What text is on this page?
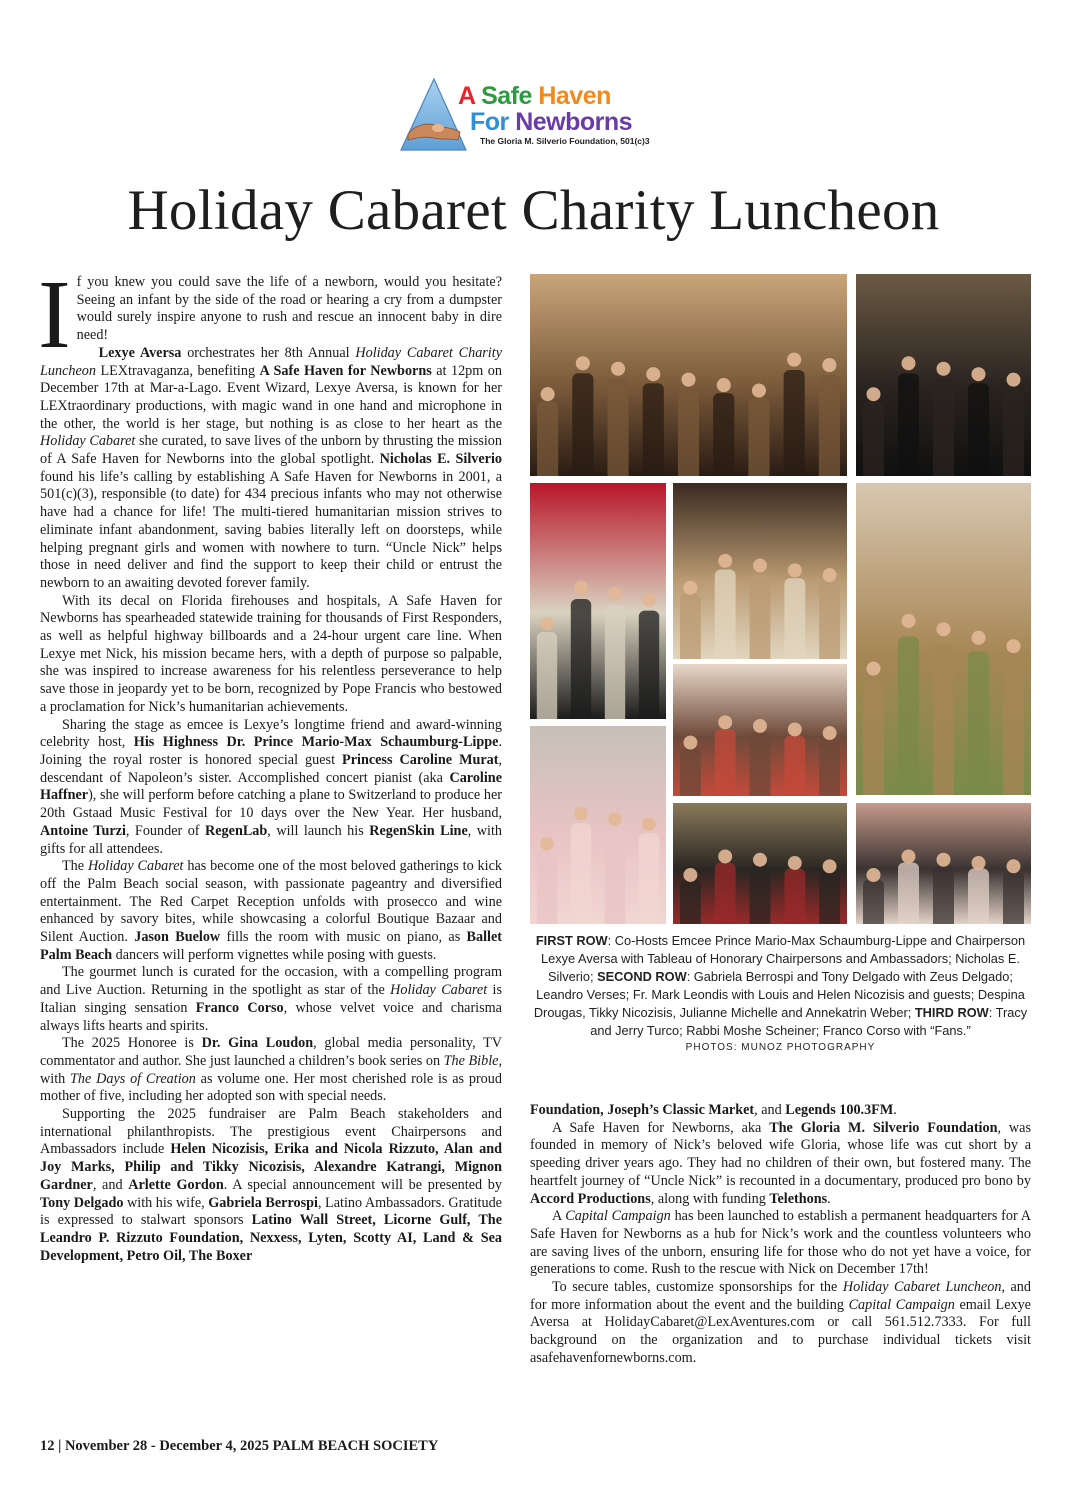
A Safe Haven
For Newborns
The Gloria M. Silverio Foundation, 501(c)3
Holiday Cabaret Charity Luncheon

If you knew you could save the life of a newborn, would you hesitate? Seeing an infant by the side of the road or hearing a cry from a dumpster would surely inspire anyone to rush and rescue an innocent baby in dire need!

Lexye Aversa orchestrates her 8th Annual Holiday Cabaret Charity Luncheon LEXtravaganza, benefiting A Safe Haven for Newborns at 12pm on December 17th at Mar-a-Lago. Event Wizard, Lexye Aversa, is known for her LEXtraordinary productions, with magic wand in one hand and microphone in the other, the world is her stage, but nothing is as close to her heart as the Holiday Cabaret she curated, to save lives of the unborn by thrusting the mission of A Safe Haven for Newborns into the global spotlight. Nicholas E. Silverio found his life’s calling by establishing A Safe Haven for Newborns in 2001, a 501(c)(3), responsible (to date) for 434 precious infants who may not otherwise have had a chance for life! The multi-tiered humanitarian mission strives to eliminate infant abandonment, saving babies literally left on doorsteps, while helping pregnant girls and women with nowhere to turn. “Uncle Nick” helps those in need deliver and find the support to keep their child or entrust the newborn to an awaiting devoted forever family.

With its decal on Florida firehouses and hospitals, A Safe Haven for Newborns has spearheaded statewide training for thousands of First Responders, as well as helpful highway billboards and a 24-hour urgent care line. When Lexye met Nick, his mission became hers, with a depth of purpose so palpable, she was inspired to increase awareness for his relentless perseverance to help save those in jeopardy yet to be born, recognized by Pope Francis who bestowed a proclamation for Nick’s humanitarian achievements.

Sharing the stage as emcee is Lexye’s longtime friend and award-winning celebrity host, His Highness Dr. Prince Mario-Max Schaumburg-Lippe. Joining the royal roster is honored special guest Princess Caroline Murat, descendant of Napoleon’s sister. Accomplished concert pianist (aka Caroline Haffner), she will perform before catching a plane to Switzerland to produce her 20th Gstaad Music Festival for 10 days over the New Year. Her husband, Antoine Turzi, Founder of RegenLab, will launch his RegenSkin Line, with gifts for all attendees.

The Holiday Cabaret has become one of the most beloved gatherings to kick off the Palm Beach social season, with passionate pageantry and diversified entertainment. The Red Carpet Reception unfolds with prosecco and wine enhanced by savory bites, while showcasing a colorful Boutique Bazaar and Silent Auction. Jason Buelow fills the room with music on piano, as Ballet Palm Beach dancers will perform vignettes while posing with guests.

The gourmet lunch is curated for the occasion, with a compelling program and Live Auction. Returning in the spotlight as star of the Holiday Cabaret is Italian singing sensation Franco Corso, whose velvet voice and charisma always lifts hearts and spirits.

The 2025 Honoree is Dr. Gina Loudon, global media personality, TV commentator and author. She just launched a children’s book series on The Bible, with The Days of Creation as volume one. Her most cherished role is as proud mother of five, including her adopted son with special needs.

Supporting the 2025 fundraiser are Palm Beach stakeholders and international philanthropists. The prestigious event Chairpersons and Ambassadors include Helen Nicozisis, Erika and Nicola Rizzuto, Alan and Joy Marks, Philip and Tikky Nicozisis, Alexandre Katrangi, Mignon Gardner, and Arlette Gordon. A special announcement will be presented by Tony Delgado with his wife, Gabriela Berrospi, Latino Ambassadors. Gratitude is expressed to stalwart sponsors Latino Wall Street, Licorne Gulf, The Leandro P. Rizzuto Foundation, Nexxess, Lyten, Scotty AI, Land & Sea Development, Petro Oil, The Boxer

FIRST ROW: Co-Hosts Emcee Prince Mario-Max Schaumburg-Lippe and Chairperson Lexye Aversa with Tableau of Honorary Chairpersons and Ambassadors; Nicholas E. Silverio; SECOND ROW: Gabriela Berrospi and Tony Delgado with Zeus Delgado; Leandro Verses; Fr. Mark Leondis with Louis and Helen Nicozisis and guests; Despina Drougas, Tikky Nicozisis, Julianne Michelle and Annekatrin Weber; THIRD ROW: Tracy and Jerry Turco; Rabbi Moshe Scheiner; Franco Corso with “Fans.”
PHOTOS: MUNOZ PHOTOGRAPHY

Foundation, Joseph’s Classic Market, and Legends 100.3FM.

A Safe Haven for Newborns, aka The Gloria M. Silverio Foundation, was founded in memory of Nick’s beloved wife Gloria, whose life was cut short by a speeding driver years ago. They had no children of their own, but fostered many. The heartfelt journey of “Uncle Nick” is recounted in a documentary, produced pro bono by Accord Productions, along with funding Telethons.

A Capital Campaign has been launched to establish a permanent headquarters for A Safe Haven for Newborns as a hub for Nick’s work and the countless volunteers who are saving lives of the unborn, ensuring life for those who do not yet have a voice, for generations to come. Rush to the rescue with Nick on December 17th!

To secure tables, customize sponsorships for the Holiday Cabaret Luncheon, and for more information about the event and the building Capital Campaign email Lexye Aversa at HolidayCabaret@LexAventures.com or call 561.512.7333. For full background on the organization and to purchase individual tickets visit asafehavenfornewborns.com.

12 | November 28 - December 4, 2025 PALM BEACH SOCIETY
